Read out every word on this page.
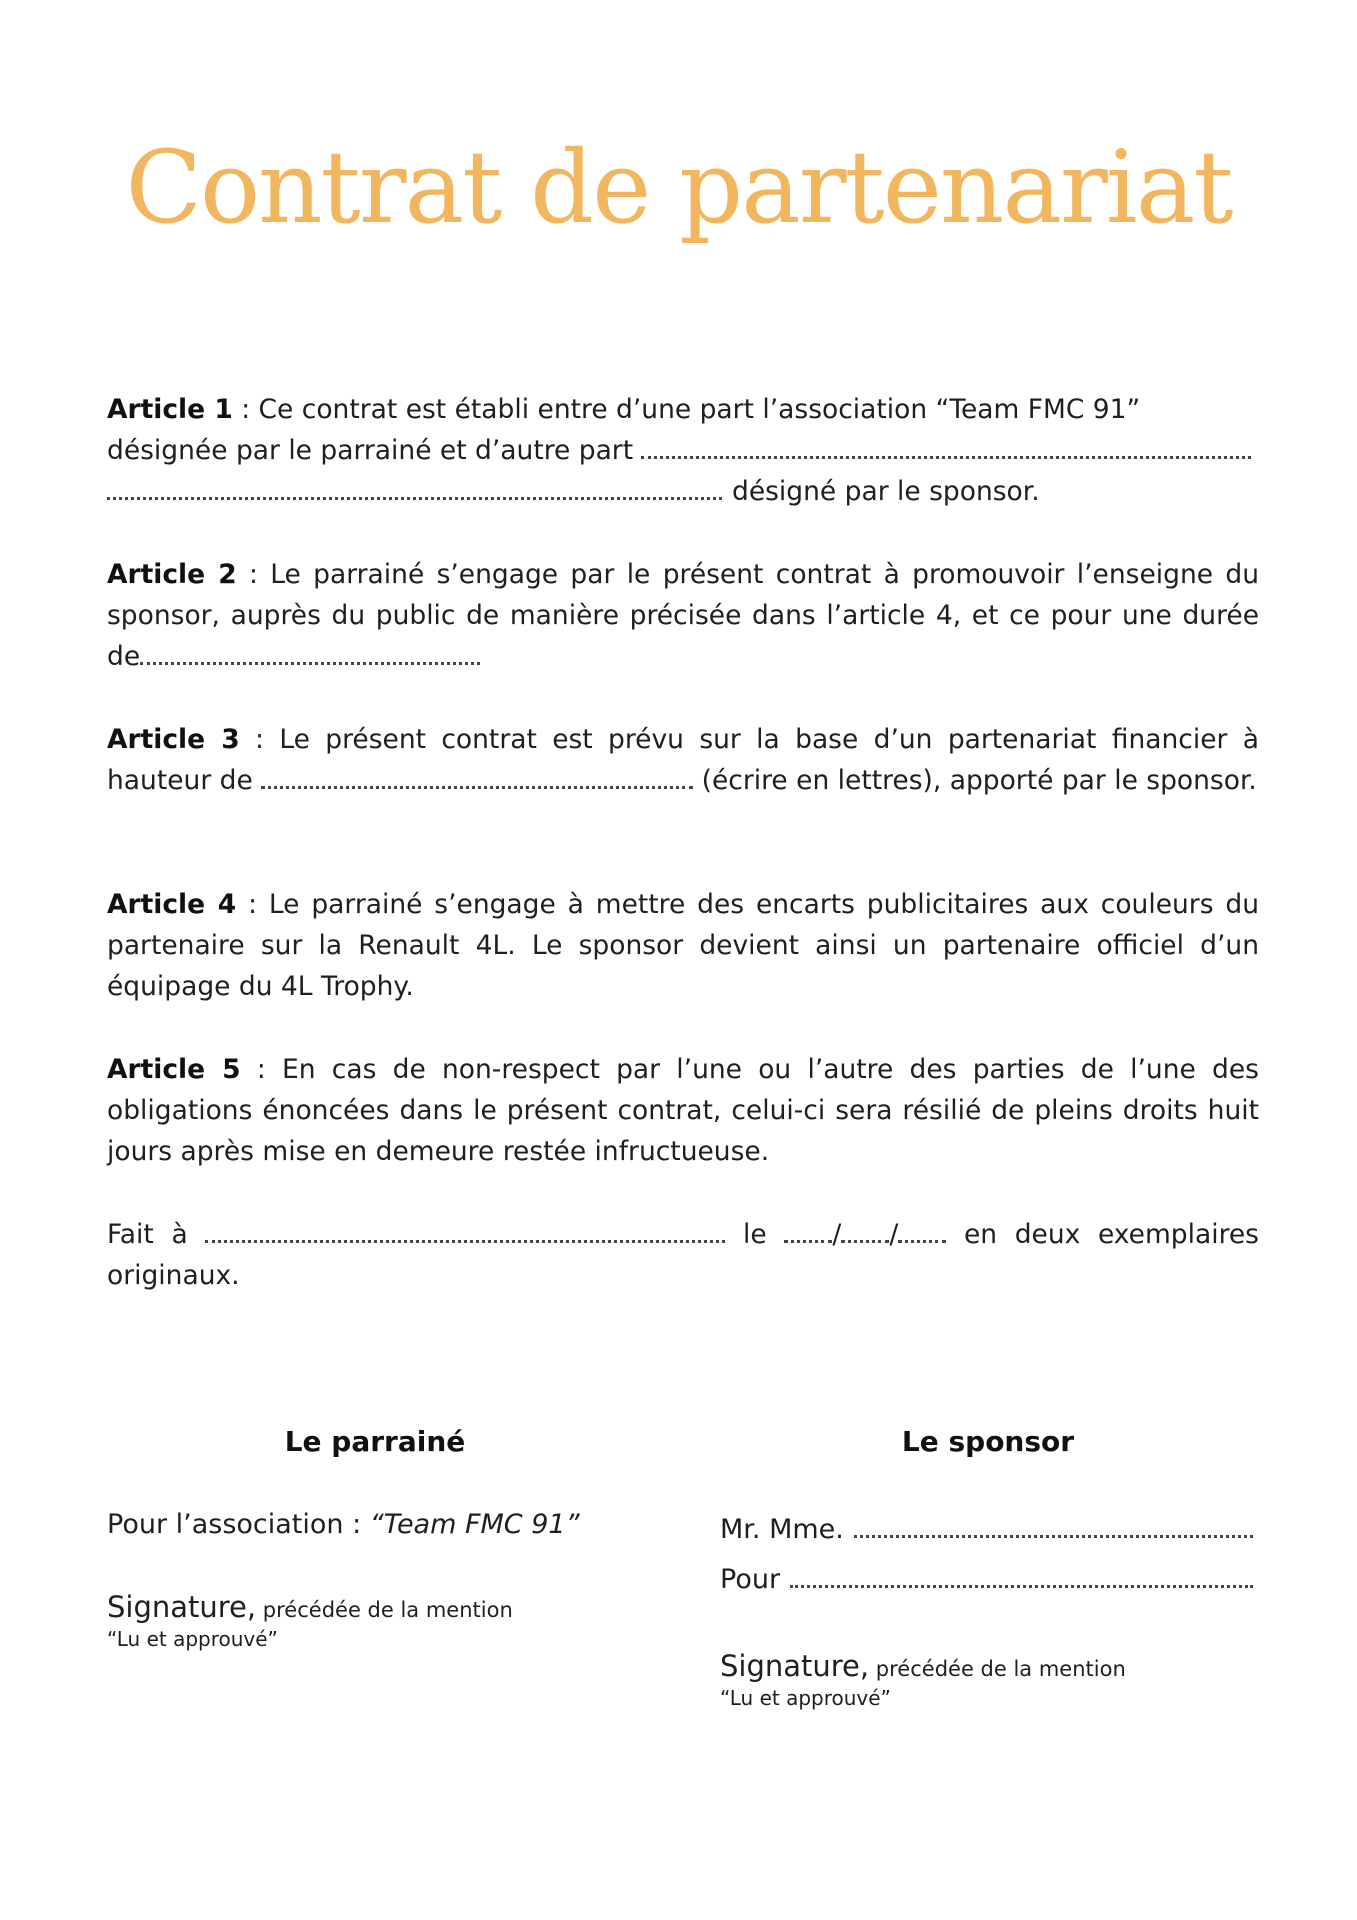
Contrat de partenariat
Article 1 : Ce contrat est établi entre d’une part l’association “Team FMC 91”
désignée par le parrainé et d’autre part
désigné par le sponsor.
Article 2 : Le parrainé s’engage par le présent contrat à promouvoir l’enseigne du sponsor, auprès du public de manière précisée dans l’article 4, et ce pour une durée de
Article 3 : Le présent contrat est prévu sur la base d’un partenariat financier à hauteur de	(écrire en lettres), apporté par le sponsor.
Article 4 : Le parrainé s’engage à mettre des encarts publicitaires aux couleurs du partenaire sur la Renault 4L. Le sponsor devient ainsi un partenaire officiel d’un équipage du 4L Trophy.
Article 5 : En cas de non-respect par l’une ou l’autre des parties de l’une des obligations énoncées dans le présent contrat, celui-ci sera résilié de pleins droits huit jours après mise en demeure restée infructueuse.
Fait à	le / / en deux exemplaires originaux.
Le parrainé	Le sponsor
Pour l’association : “Team FMC 91”
Signature, précédée de la mention
“Lu et approuvé”
Mr. Mme.
Pour
Signature, précédée de la mention
“Lu et approuvé”
